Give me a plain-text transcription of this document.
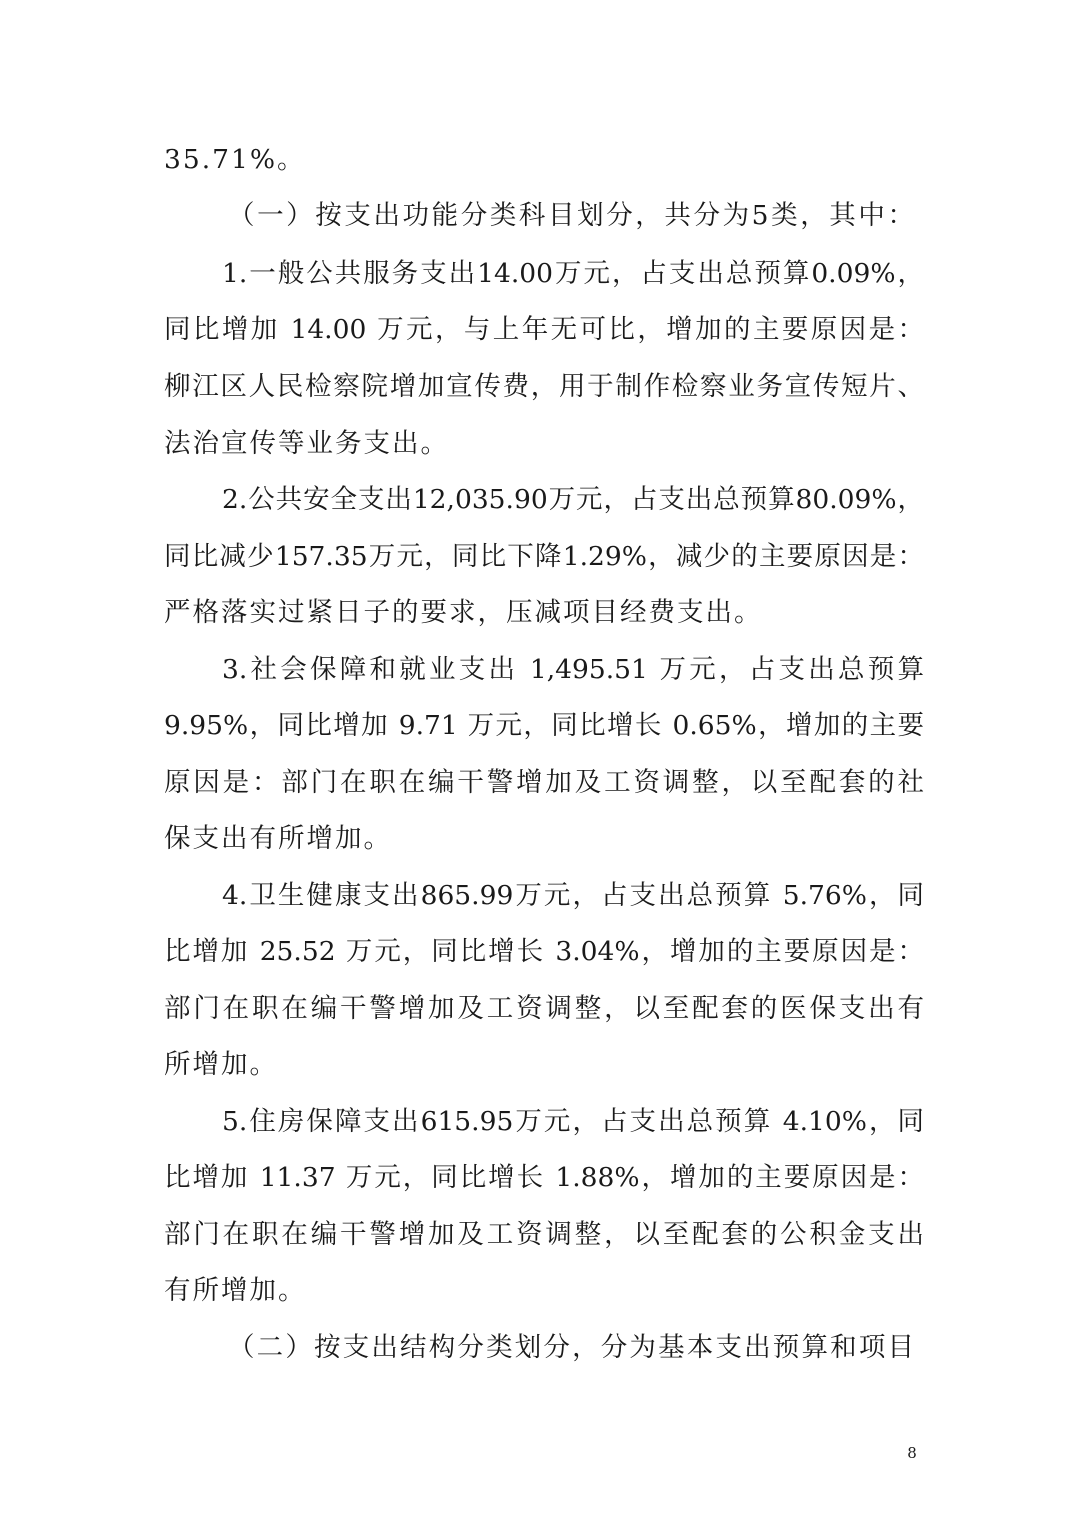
35.71%。
（一）按支出功能分类科目划分，共分为5类，其中：
1.一般公共服务支出14.00万元，占支出总预算0.09%，
同比增加 14.00 万元，与上年无可比，增加的主要原因是：
柳江区人民检察院增加宣传费，用于制作检察业务宣传短片、
法治宣传等业务支出。
2.公共安全支出12,035.90万元，占支出总预算80.09%，
同比减少157.35万元，同比下降1.29%，减少的主要原因是：
严格落实过紧日子的要求，压减项目经费支出。
3.社会保障和就业支出 1,495.51 万元，占支出总预算
9.95%，同比增加 9.71 万元，同比增长 0.65%，增加的主要
原因是：部门在职在编干警增加及工资调整，以至配套的社
保支出有所增加。
4.卫生健康支出865.99万元，占支出总预算 5.76%，同
比增加 25.52 万元，同比增长 3.04%，增加的主要原因是：
部门在职在编干警增加及工资调整，以至配套的医保支出有
所增加。
5.住房保障支出615.95万元，占支出总预算 4.10%，同
比增加 11.37 万元，同比增长 1.88%，增加的主要原因是：
部门在职在编干警增加及工资调整，以至配套的公积金支出
有所增加。
（二）按支出结构分类划分，分为基本支出预算和项目
8
